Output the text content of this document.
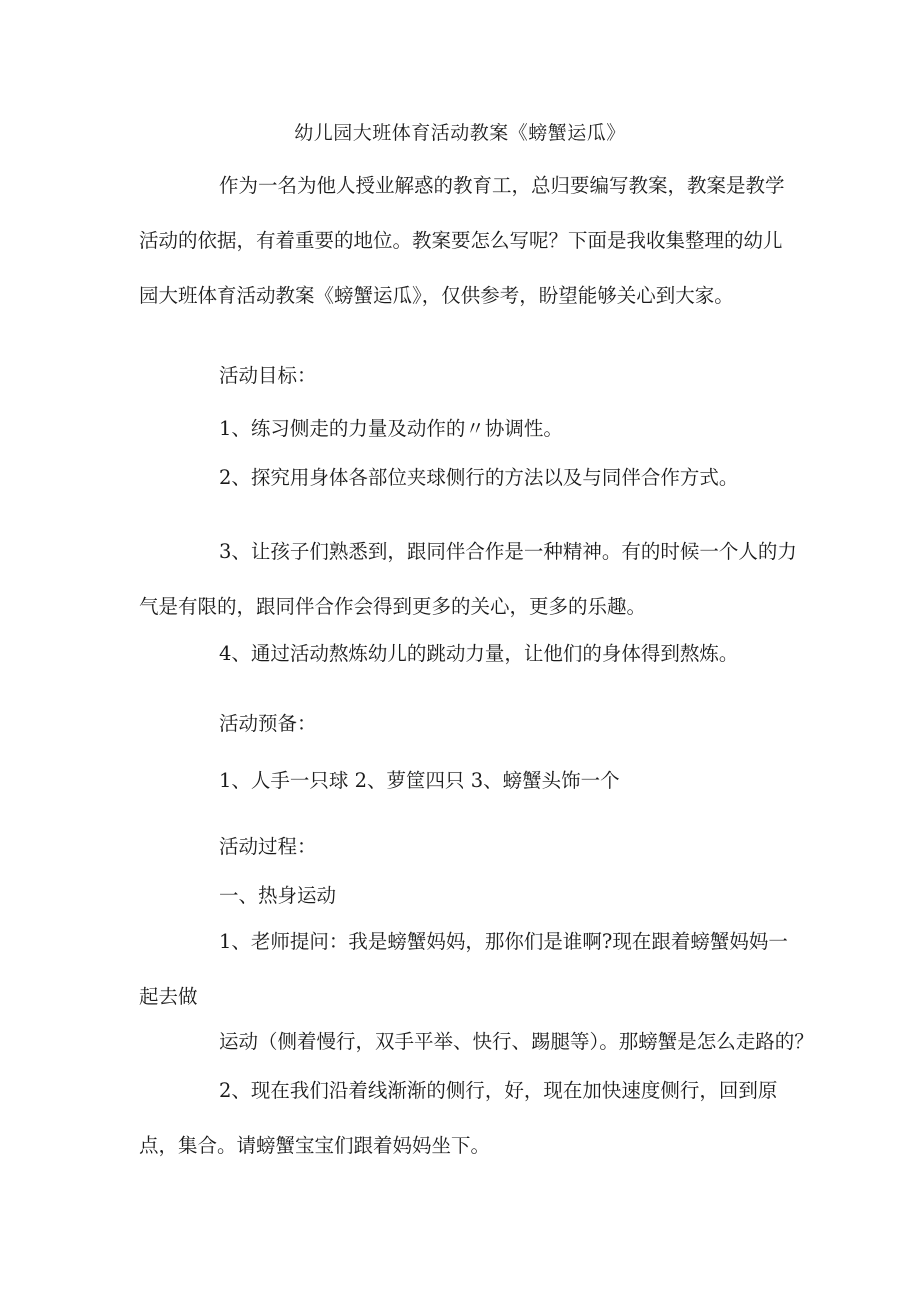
幼儿园大班体育活动教案《螃蟹运瓜》

作为一名为他人授业解惑的教育工，总归要编写教案，教案是教学活动的依据，有着重要的地位。教案要怎么写呢？下面是我收集整理的幼儿园大班体育活动教案《螃蟹运瓜》，仅供参考，盼望能够关心到大家。

活动目标：

1、练习侧走的力量及动作的〃协调性。

2、探究用身体各部位夹球侧行的方法以及与同伴合作方式。

3、让孩子们熟悉到，跟同伴合作是一种精神。有的时候一个人的力气是有限的，跟同伴合作会得到更多的关心，更多的乐趣。

4、通过活动熬炼幼儿的跳动力量，让他们的身体得到熬炼。

活动预备：

1、人手一只球 2、萝筐四只 3、螃蟹头饰一个

活动过程：

一、热身运动

1、老师提问：我是螃蟹妈妈，那你们是谁啊?现在跟着螃蟹妈妈一起去做

运动（侧着慢行，双手平举、快行、踢腿等）。那螃蟹是怎么走路的？

2、现在我们沿着线渐渐的侧行，好，现在加快速度侧行，回到原点，集合。请螃蟹宝宝们跟着妈妈坐下。
